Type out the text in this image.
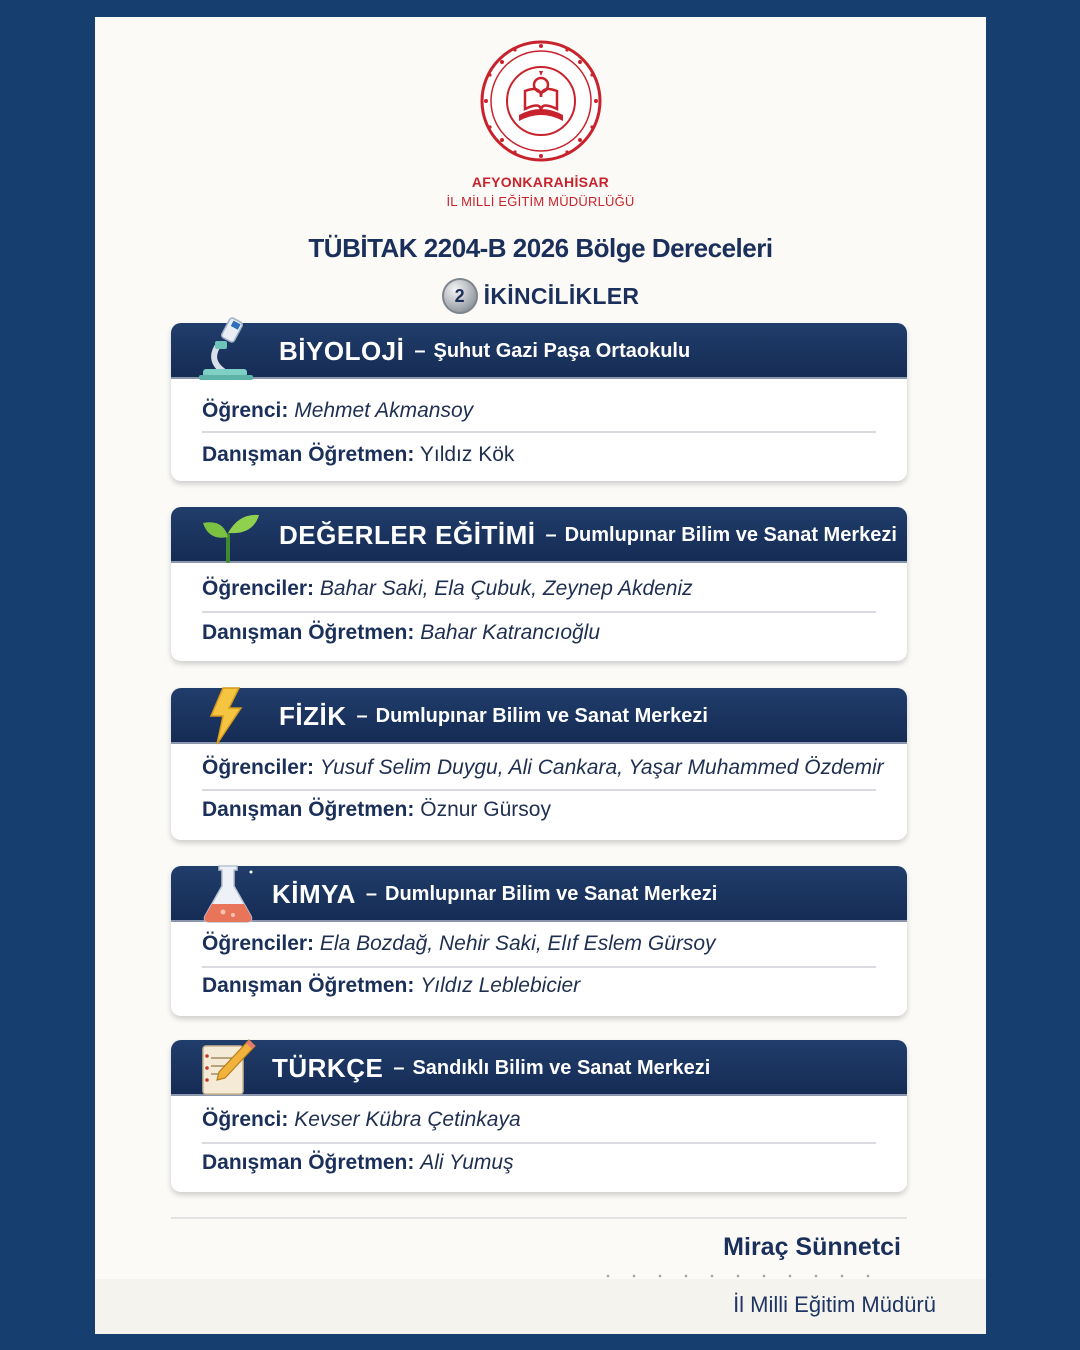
AFYONKARAHİSAR
İL MİLLİ EĞİTİM MÜDÜRLÜĞÜ
TÜBİTAK 2204-B 2026 Bölge Dereceleri
2 İKİNCİLİKLER
BİYOLOJİ – Şuhut Gazi Paşa Ortaokulu
Öğrenci: Mehmet Akmansoy
Danışman Öğretmen: Yıldız Kök
DEĞERLER EĞİTİMİ – Dumlupınar Bilim ve Sanat Merkezi
Öğrenciler: Bahar Saki, Ela Çubuk, Zeynep Akdeniz
Danışman Öğretmen: Bahar Katrancıoğlu
FİZİK – Dumlupınar Bilim ve Sanat Merkezi
Öğrenciler: Yusuf Selim Duygu, Ali Cankara, Yaşar Muhammed Özdemir
Danışman Öğretmen: Öznur Gürsoy
KİMYA – Dumlupınar Bilim ve Sanat Merkezi
Öğrenciler: Ela Bozdağ, Nehir Saki, Elıf Eslem Gürsoy
Danışman Öğretmen: Yıldız Leblebicier
TÜRKÇE – Sandıklı Bilim ve Sanat Merkezi
Öğrenci: Kevser Kübra Çetinkaya
Danışman Öğretmen: Ali Yumuş
Miraç Sünnetci
İl Milli Eğitim Müdürü
